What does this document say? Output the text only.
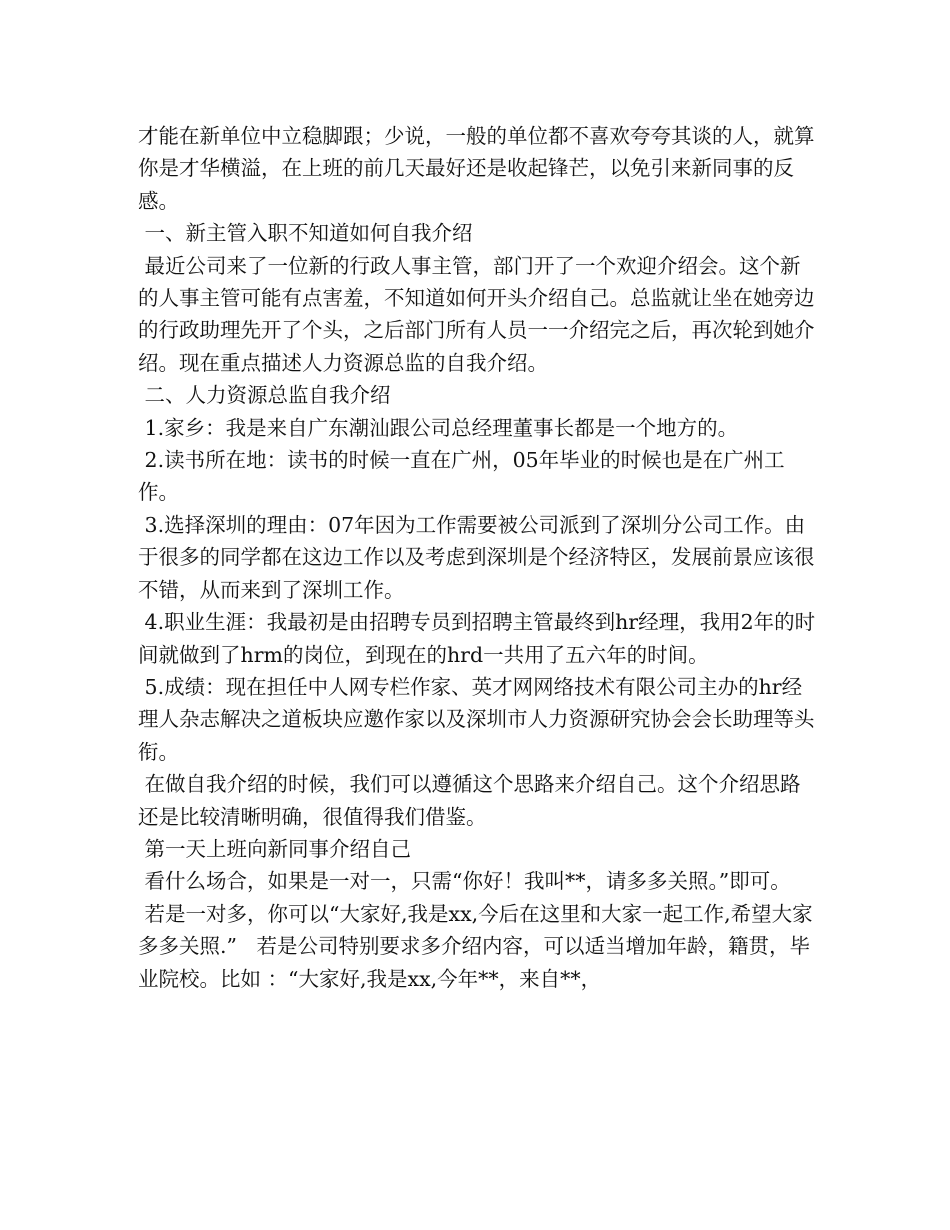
才能在新单位中立稳脚跟；少说，一般的单位都不喜欢夸夸其谈的人，就算你是才华横溢，在上班的前几天最好还是收起锋芒，以免引来新同事的反感。

一、新主管入职不知道如何自我介绍

最近公司来了一位新的行政人事主管，部门开了一个欢迎介绍会。这个新的人事主管可能有点害羞，不知道如何开头介绍自己。总监就让坐在她旁边的行政助理先开了个头，之后部门所有人员一一介绍完之后，再次轮到她介绍。现在重点描述人力资源总监的自我介绍。

二、人力资源总监自我介绍

1.家乡：我是来自广东潮汕跟公司总经理董事长都是一个地方的。

2.读书所在地：读书的时候一直在广州，05年毕业的时候也是在广州工作。

3.选择深圳的理由：07年因为工作需要被公司派到了深圳分公司工作。由于很多的同学都在这边工作以及考虑到深圳是个经济特区，发展前景应该很不错，从而来到了深圳工作。

4.职业生涯：我最初是由招聘专员到招聘主管最终到hr经理，我用2年的时间就做到了hrm的岗位，到现在的hrd一共用了五六年的时间。

5.成绩：现在担任中人网专栏作家、英才网网络技术有限公司主办的hr经理人杂志解决之道板块应邀作家以及深圳市人力资源研究协会会长助理等头衔。

在做自我介绍的时候，我们可以遵循这个思路来介绍自己。这个介绍思路还是比较清晰明确，很值得我们借鉴。

第一天上班向新同事介绍自己

看什么场合，如果是一对一，只需“你好！我叫**，请多多关照。”即可。

若是一对多，你可以“大家好,我是xx,今后在这里和大家一起工作,希望大家多多关照.”   若是公司特别要求多介绍内容，可以适当增加年龄，籍贯，毕业院校。比如 ：“大家好,我是xx,今年**，来自**，
